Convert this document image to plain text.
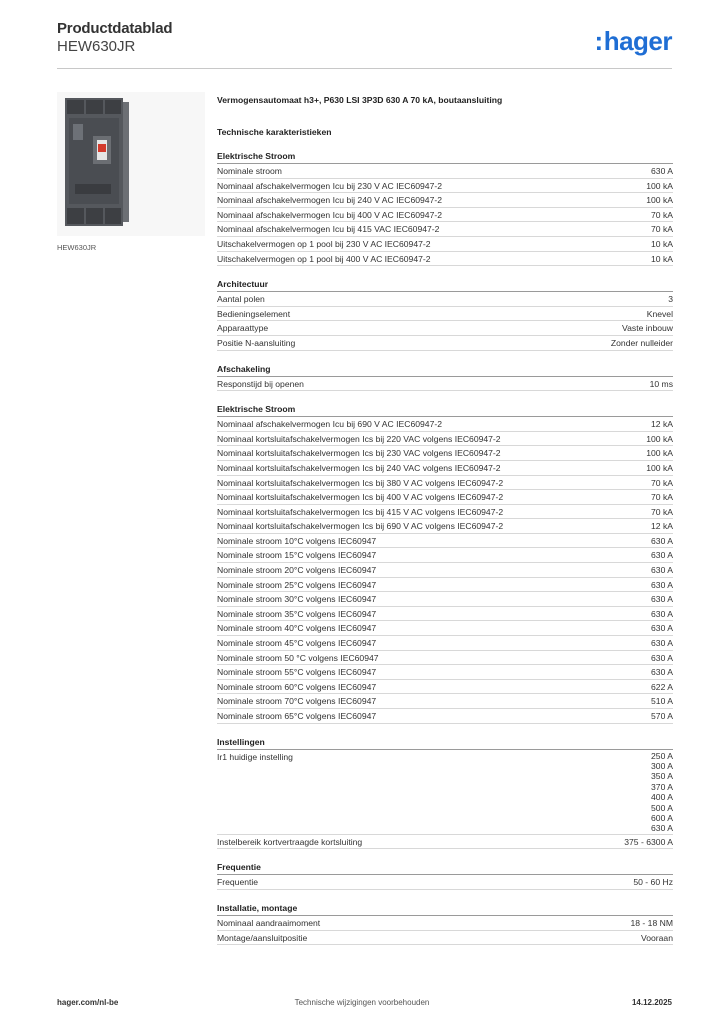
Productdatablad
HEW630JR	:hager
HEW630JR
Vermogensautomaat h3+, P630 LSI 3P3D 630 A 70 kA, boutaansluiting
Technische karakteristieken
Elektrische Stroom
Nominale stroom	630 A
Nominaal afschakelvermogen Icu bij 230 V AC IEC60947-2	100 kA
Nominaal afschakelvermogen Icu bij 240 V AC IEC60947-2	100 kA
Nominaal afschakelvermogen Icu bij 400 V AC IEC60947-2	70 kA
Nominaal afschakelvermogen Icu bij 415 VAC IEC60947-2	70 kA
Uitschakelvermogen op 1 pool bij 230 V AC IEC60947-2	10 kA
Uitschakelvermogen op 1 pool bij 400 V AC IEC60947-2	10 kA
Architectuur
Aantal polen	3
Bedieningselement	Knevel
Apparaattype	Vaste inbouw
Positie N-aansluiting	Zonder nulleider
Afschakeling
Responstijd bij openen	10 ms
Elektrische Stroom
Nominaal afschakelvermogen Icu bij 690 V AC IEC60947-2	12 kA
Nominaal kortsluitafschakelvermogen Ics bij 220 VAC volgens IEC60947-2	100 kA
Nominaal kortsluitafschakelvermogen Ics bij 230 VAC volgens IEC60947-2	100 kA
Nominaal kortsluitafschakelvermogen Ics bij 240 VAC volgens IEC60947-2	100 kA
Nominaal kortsluitafschakelvermogen Ics bij 380 V AC volgens IEC60947-2	70 kA
Nominaal kortsluitafschakelvermogen Ics bij 400 V AC volgens IEC60947-2	70 kA
Nominaal kortsluitafschakelvermogen Ics bij 415 V AC volgens IEC60947-2	70 kA
Nominaal kortsluitafschakelvermogen Ics bij 690 V AC volgens IEC60947-2	12 kA
Nominale stroom 10°C volgens IEC60947	630 A
Nominale stroom 15°C volgens IEC60947	630 A
Nominale stroom 20°C volgens IEC60947	630 A
Nominale stroom 25°C volgens IEC60947	630 A
Nominale stroom 30°C volgens IEC60947	630 A
Nominale stroom 35°C volgens IEC60947	630 A
Nominale stroom 40°C volgens IEC60947	630 A
Nominale stroom 45°C volgens IEC60947	630 A
Nominale stroom 50 °C volgens IEC60947	630 A
Nominale stroom 55°C volgens IEC60947	630 A
Nominale stroom 60°C volgens IEC60947	622 A
Nominale stroom 70°C volgens IEC60947	510 A
Nominale stroom 65°C volgens IEC60947	570 A
Instellingen
Ir1 huidige instelling	250 A
300 A
350 A
370 A
400 A
500 A
600 A
630 A
Instelbereik kortvertraagde kortsluiting	375 - 6300 A
Frequentie
Frequentie	50 - 60 Hz
Installatie, montage
Nominaal aandraaimoment	18 - 18 NM
Montage/aansluitpositie	Vooraan
hager.com/nl-be	Technische wijzigingen voorbehouden	14.12.2025
